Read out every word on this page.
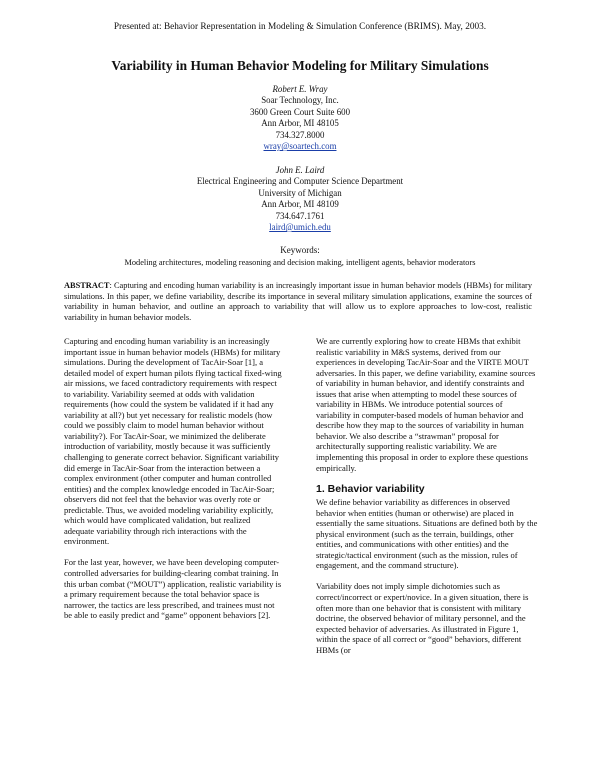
Presented at: Behavior Representation in Modeling & Simulation Conference (BRIMS). May, 2003.
Variability in Human Behavior Modeling for Military Simulations
Robert E. Wray
Soar Technology, Inc.
3600 Green Court Suite 600
Ann Arbor, MI 48105
734.327.8000
wray@soartech.com
John E. Laird
Electrical Engineering and Computer Science Department
University of Michigan
Ann Arbor, MI 48109
734.647.1761
laird@umich.edu
Keywords:
Modeling architectures, modeling reasoning and decision making, intelligent agents, behavior moderators
ABSTRACT: Capturing and encoding human variability is an increasingly important issue in human behavior models (HBMs) for military simulations. In this paper, we define variability, describe its importance in several military simulation applications, examine the sources of variability in human behavior, and outline an approach to variability that will allow us to explore approaches to low-cost, realistic variability in human behavior models.

Capturing and encoding human variability is an increasingly important issue in human behavior models (HBMs) for military simulations. During the development of TacAir-Soar [1], a detailed model of expert human pilots flying tactical fixed-wing air missions, we faced contradictory requirements with respect to variability. Variability seemed at odds with validation requirements (how could the system be validated if it had any variability at all?) but yet necessary for realistic models (how could we possibly claim to model human behavior without variability?). For TacAir-Soar, we minimized the deliberate introduction of variability, mostly because it was sufficiently challenging to generate correct behavior. Significant variability did emerge in TacAir-Soar from the interaction between a complex environment (other computer and human controlled entities) and the complex knowledge encoded in TacAir-Soar; observers did not feel that the behavior was overly rote or predictable. Thus, we avoided modeling variability explicitly, which would have complicated validation, but realized adequate variability through rich interactions with the environment.

For the last year, however, we have been developing computer-controlled adversaries for building-clearing combat training. In this urban combat (“MOUT”) application, realistic variability is a primary requirement because the total behavior space is narrower, the tactics are less prescribed, and trainees must not be able to easily predict and “game” opponent behaviors [2].

We are currently exploring how to create HBMs that exhibit realistic variability in M&S systems, derived from our experiences in developing TacAir-Soar and the VIRTE MOUT adversaries. In this paper, we define variability, examine sources of variability in human behavior, and identify constraints and issues that arise when attempting to model these sources of variability in HBMs. We introduce potential sources of variability in computer-based models of human behavior and describe how they map to the sources of variability in human behavior. We also describe a “strawman” proposal for architecturally supporting realistic variability. We are implementing this proposal in order to explore these questions empirically.

1. Behavior variability

We define behavior variability as differences in observed behavior when entities (human or otherwise) are placed in essentially the same situations. Situations are defined both by the physical environment (such as the terrain, buildings, other entities, and communications with other entities) and the strategic/tactical environment (such as the mission, rules of engagement, and the command structure).

Variability does not imply simple dichotomies such as correct/incorrect or expert/novice. In a given situation, there is often more than one behavior that is consistent with military doctrine, the observed behavior of military personnel, and the expected behavior of adversaries. As illustrated in Figure 1, within the space of all correct or “good” behaviors, different HBMs (or
